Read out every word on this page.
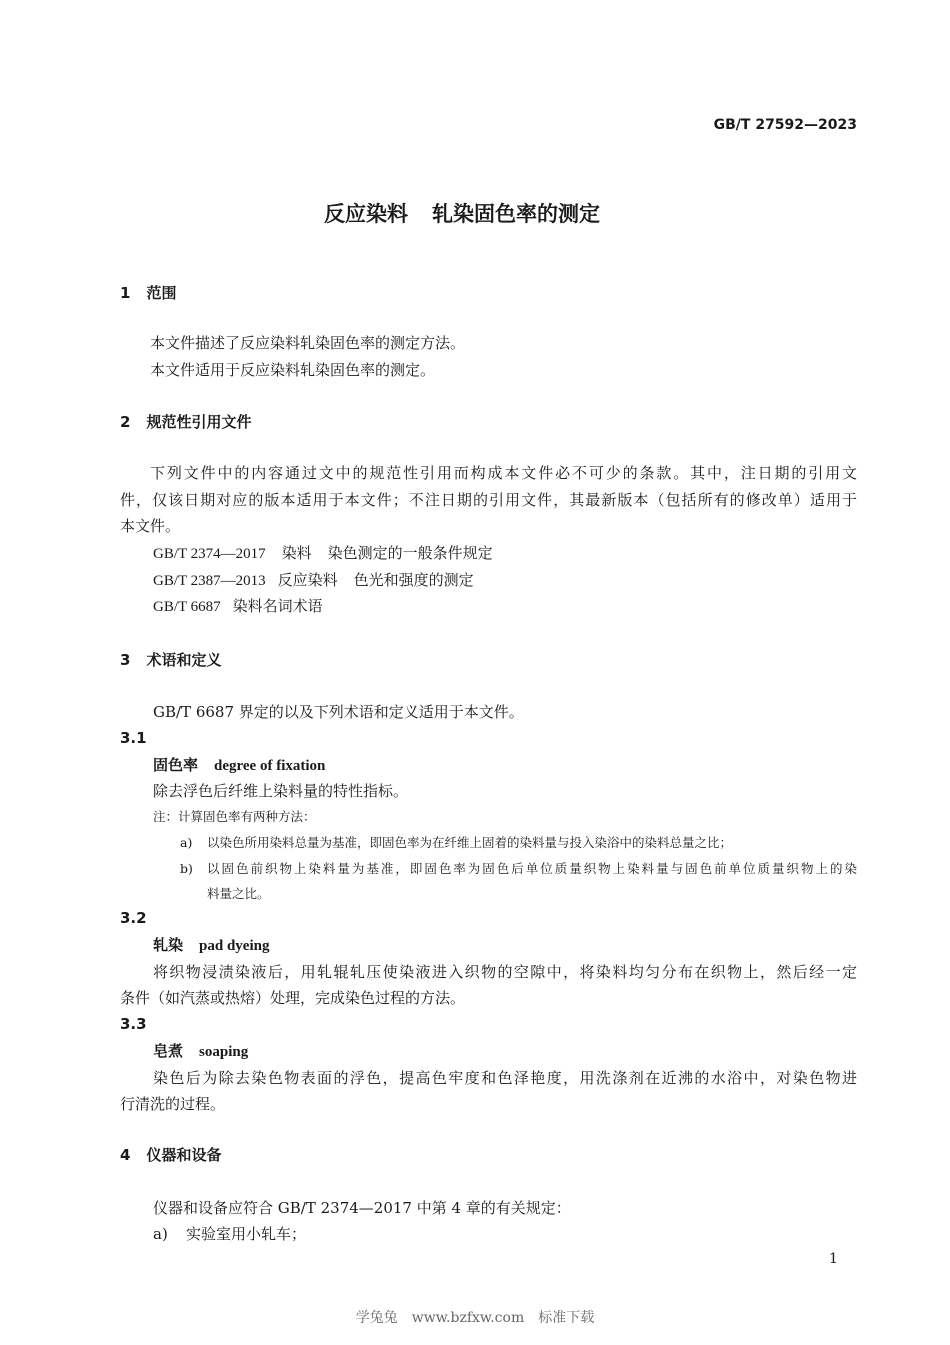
GB/T 27592—2023
反应染料 轧染固色率的测定
1 范围
本文件描述了反应染料轧染固色率的测定方法。
本文件适用于反应染料轧染固色率的测定。
2 规范性引用文件
下列文件中的内容通过文中的规范性引用而构成本文件必不可少的条款。其中，注日期的引用文
件，仅该日期对应的版本适用于本文件；不注日期的引用文件，其最新版本（包括所有的修改单）适用于
本文件。
GB/T 2374—2017 染料 染色测定的一般条件规定
GB/T 2387—2013 反应染料 色光和强度的测定
GB/T 6687 染料名词术语
3 术语和定义
GB/T 6687 界定的以及下列术语和定义适用于本文件。
3.1
固色率 degree of fixation
除去浮色后纤维上染料量的特性指标。
注：计算固色率有两种方法：
a) 以染色所用染料总量为基准，即固色率为在纤维上固着的染料量与投入染浴中的染料总量之比；
b) 以固色前织物上染料量为基准，即固色率为固色后单位质量织物上染料量与固色前单位质量织物上的染
料量之比。
3.2
轧染 pad dyeing
将织物浸渍染液后，用轧辊轧压使染液进入织物的空隙中，将染料均匀分布在织物上，然后经一定
条件（如汽蒸或热熔）处理，完成染色过程的方法。
3.3
皂煮 soaping
染色后为除去染色物表面的浮色，提高色牢度和色泽艳度，用洗涤剂在近沸的水浴中，对染色物进
行清洗的过程。
4 仪器和设备
仪器和设备应符合 GB/T 2374—2017 中第 4 章的有关规定：
a) 实验室用小轧车；
1
学兔兔　www.bzfxw.com　标准下载
